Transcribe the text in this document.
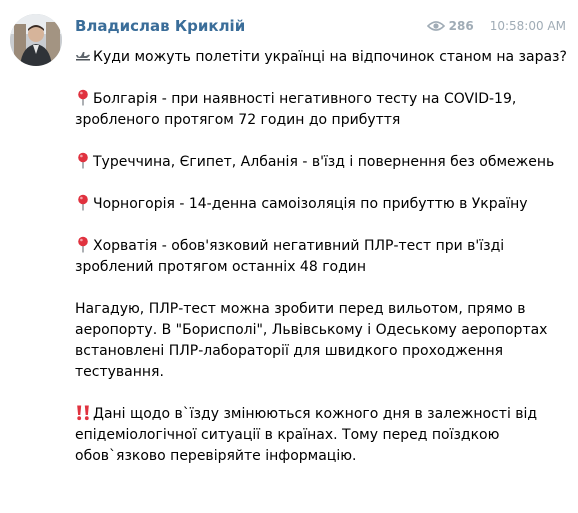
Владислав Криклій	286 10:58:00 AM

Куди можуть полетіти українці на відпочинок станом на зараз?

Болгарія - при наявності негативного тесту на COVID-19, зробленого протягом 72 годин до прибуття

Туреччина, Єгипет, Албанія - в'їзд і повернення без обмежень

Чорногорія - 14-денна самоізоляція по прибуттю в Україну

Хорватія - обов'язковий негативний ПЛР-тест при в'їзді зроблений протягом останніх 48 годин

Нагадую, ПЛР-тест можна зробити перед вильотом, прямо в аеропорту. В "Борисполі", Львівському і Одеському аеропортах встановлені ПЛР-лабораторії для швидкого проходження тестування.

Дані щодо в`їзду змінюються кожного дня в залежності від епідеміологічної ситуації в країнах. Тому перед поїздкою обов`язково перевіряйте інформацію.
